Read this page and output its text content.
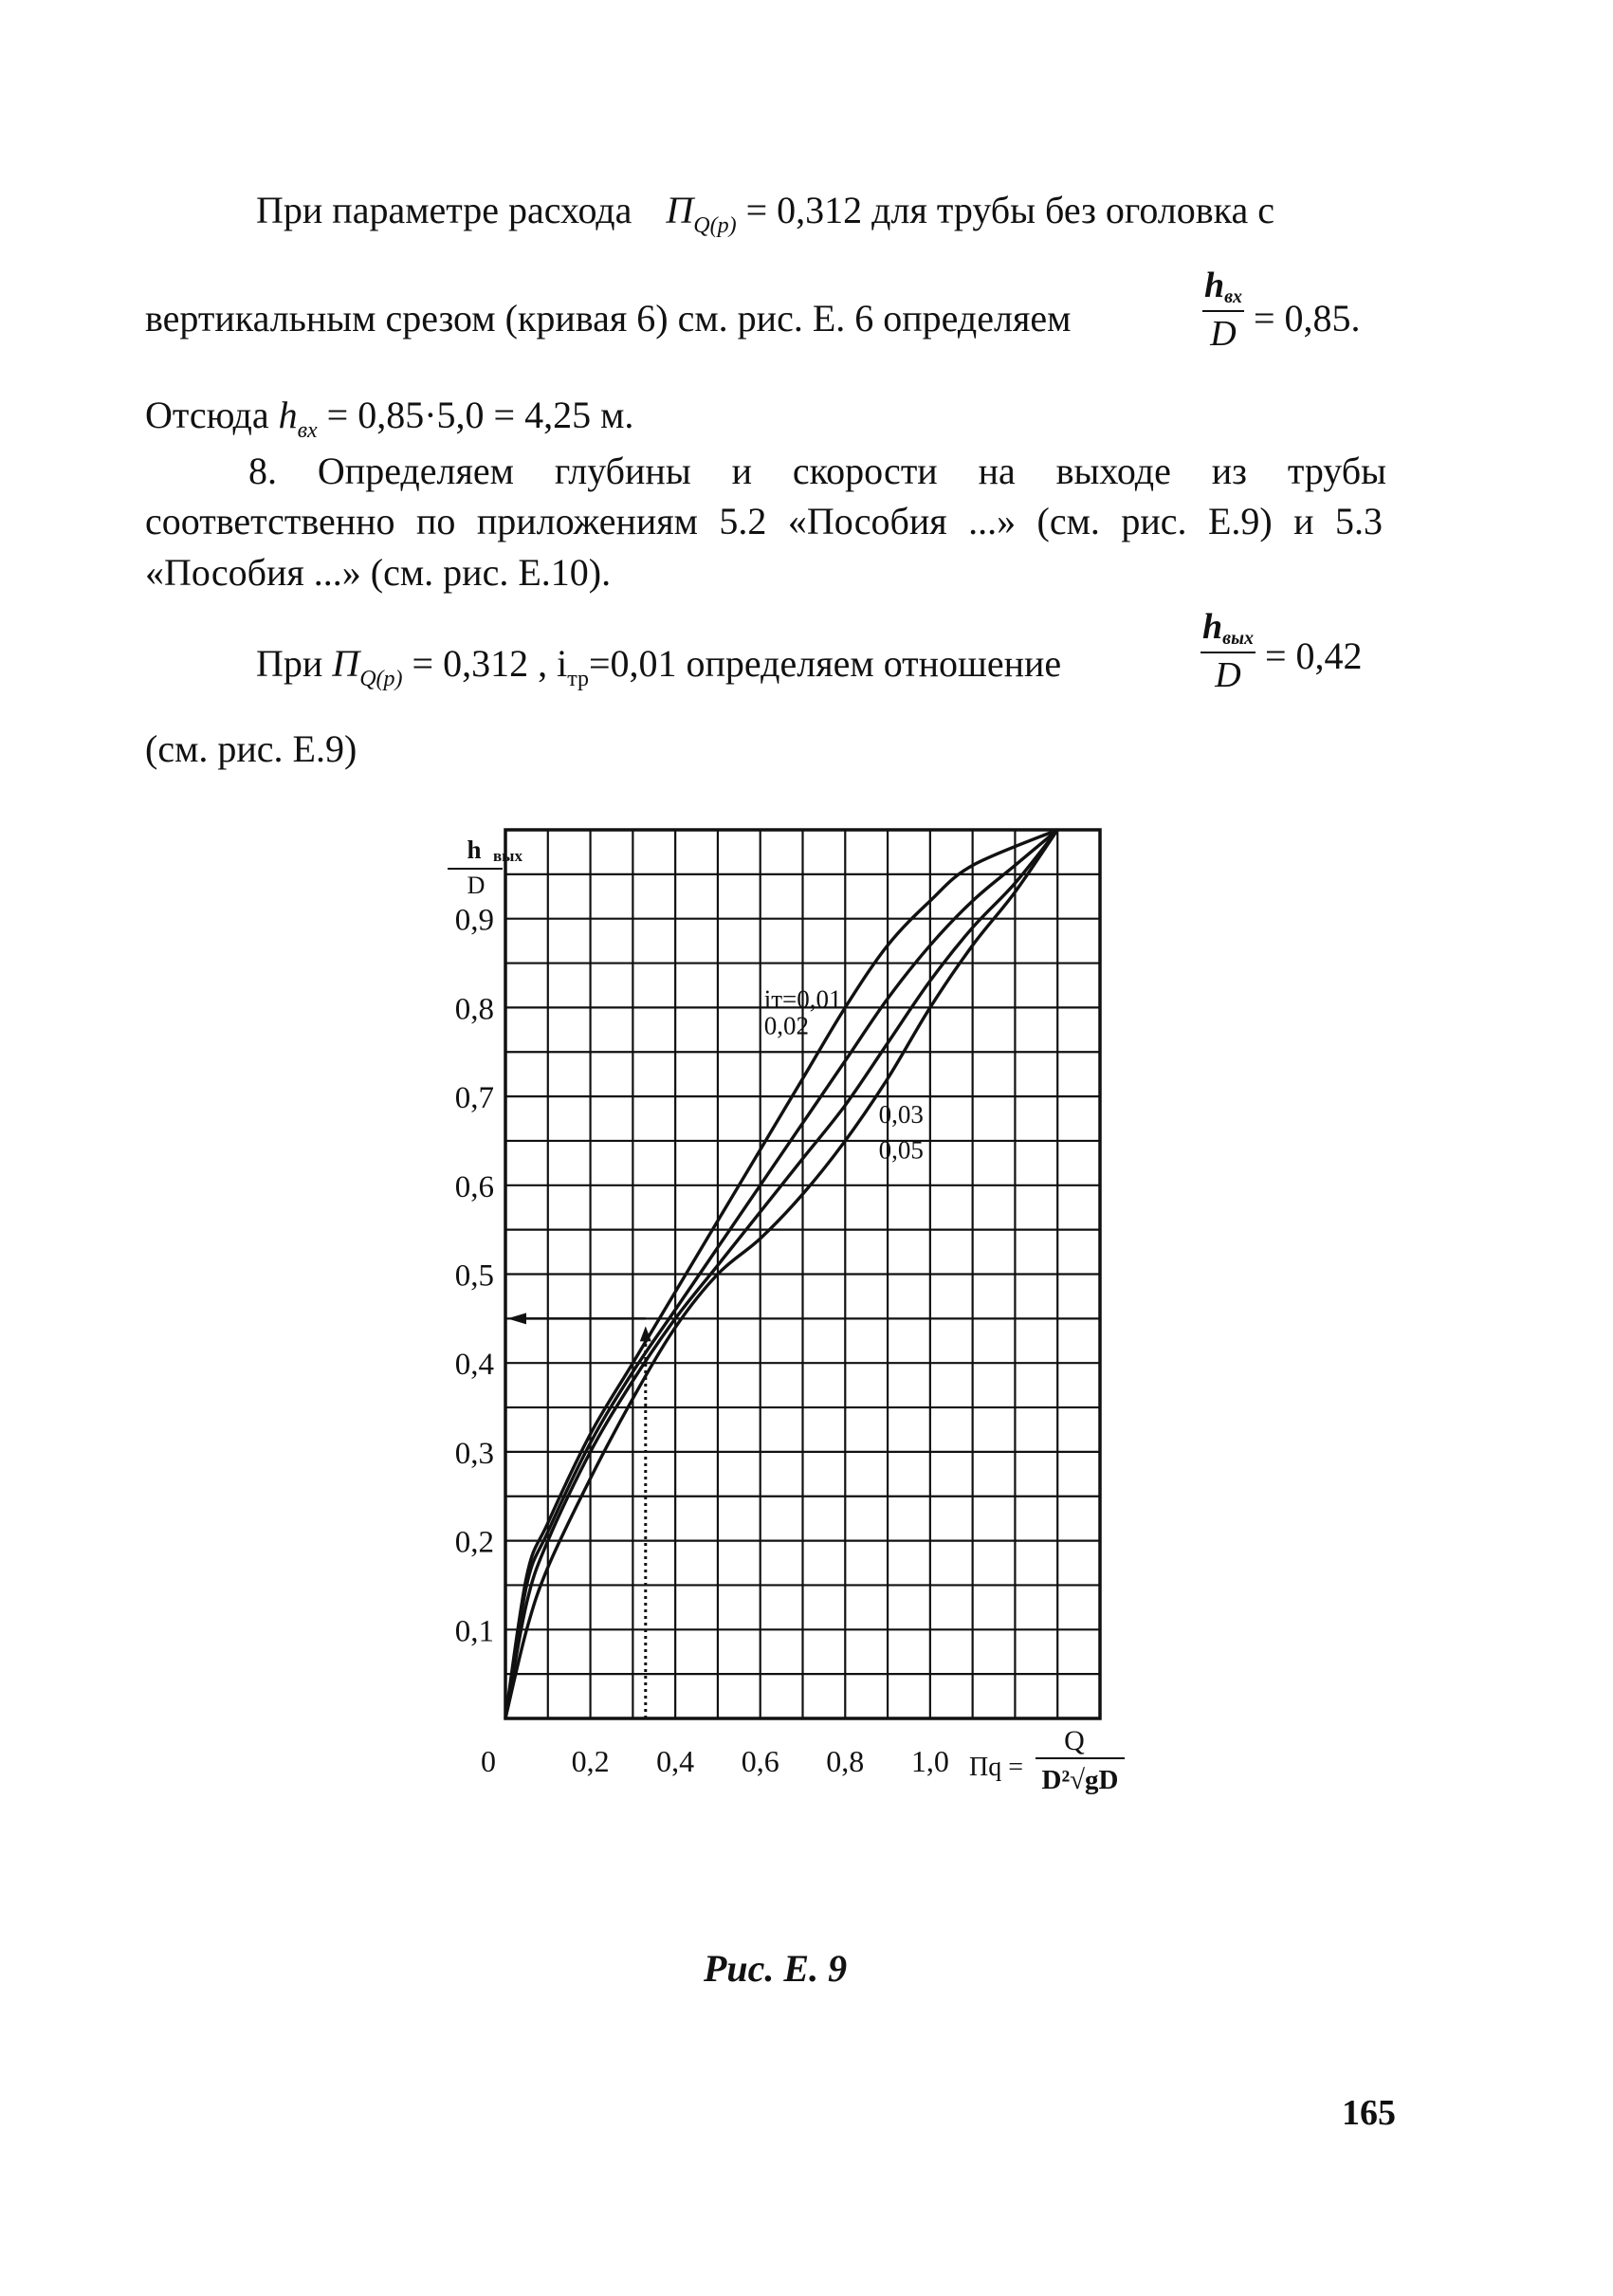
При параметре расхода $П_{Q(p)} = 0,312$ для трубы без оголовка с
вертикальным срезом (кривая 6) см. рис. Е. 6 определяем
hвх
D = 0,85.
Отсюда $h_{вх} = 0,85\cdot 5,0 = 4,25$ м.
8. Определяем глубины и скорости на выходе из трубы
соответственно по приложениям 5.2 «Пособия ...» (см. рис. Е.9) и 5.3
«Пособия ...» (см. рис. Е.10).
При $П_{Q(p)} = 0,312$ , $i_{тр}=0,01$ определяем отношение
hвых
D = 0,42
(см. рис. Е.9)
0,1
0,2
0,3
0,4
0,5
0,6
0,7
0,8
0,9
0,2 0,4 0,6 0,8 1,0
0
iт=0,01
0,02
0,03
0,05
h вых
D
Пq =
Q
D²√gD
Рис. Е. 9
165
